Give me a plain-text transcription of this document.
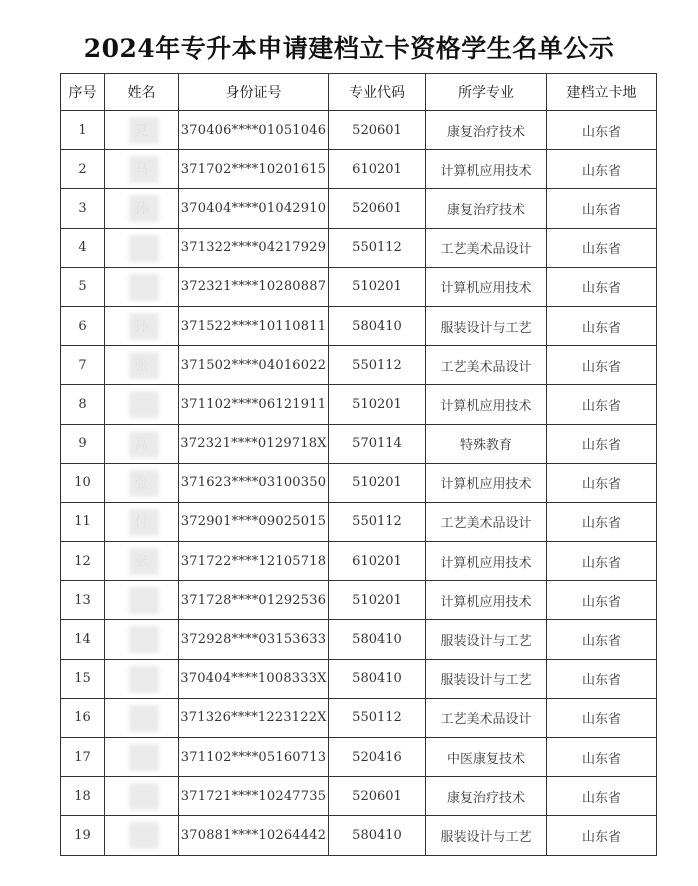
2024年专升本申请建档立卡资格学生名单公示
序号	姓名	身份证号	专业代码	所学专业	建档立卡地
1		370406****01051046	520601	康复治疗技术	山东省
2		371702****10201615	610201	计算机应用技术	山东省
3		370404****01042910	520601	康复治疗技术	山东省
4		371322****04217929	550112	工艺美术品设计	山东省
5		372321****10280887	510201	计算机应用技术	山东省
6		371522****10110811	580410	服装设计与工艺	山东省
7		371502****04016022	550112	工艺美术品设计	山东省
8		371102****06121911	510201	计算机应用技术	山东省
9		372321****0129718X	570114	特殊教育	山东省
10		371623****03100350	510201	计算机应用技术	山东省
11		372901****09025015	550112	工艺美术品设计	山东省
12		371722****12105718	610201	计算机应用技术	山东省
13		371728****01292536	510201	计算机应用技术	山东省
14		372928****03153633	580410	服装设计与工艺	山东省
15		370404****1008333X	580410	服装设计与工艺	山东省
16		371326****1223122X	550112	工艺美术品设计	山东省
17		371102****05160713	520416	中医康复技术	山东省
18		371721****10247735	520601	康复治疗技术	山东省
19		370881****10264442	580410	服装设计与工艺	山东省
